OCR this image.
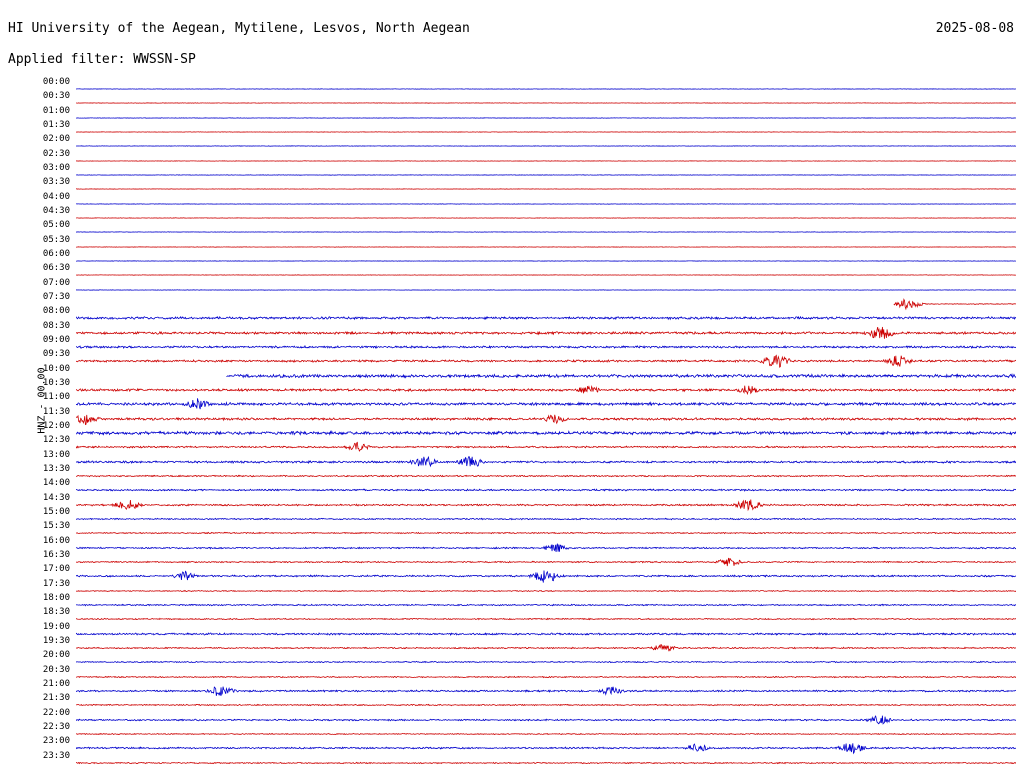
HI University of the Aegean, Mytilene, Lesvos, North Aegean	2025-08-08
Applied filter: WWSSN-SP
HNZ - 00.00
00:00
00:30
01:00
01:30
02:00
02:30
03:00
03:30
04:00
04:30
05:00
05:30
06:00
06:30
07:00
07:30
08:00
08:30
09:00
09:30
10:00
10:30
11:00
11:30
12:00
12:30
13:00
13:30
14:00
14:30
15:00
15:30
16:00
16:30
17:00
17:30
18:00
18:30
19:00
19:30
20:00
20:30
21:00
21:30
22:00
22:30
23:00
23:30
